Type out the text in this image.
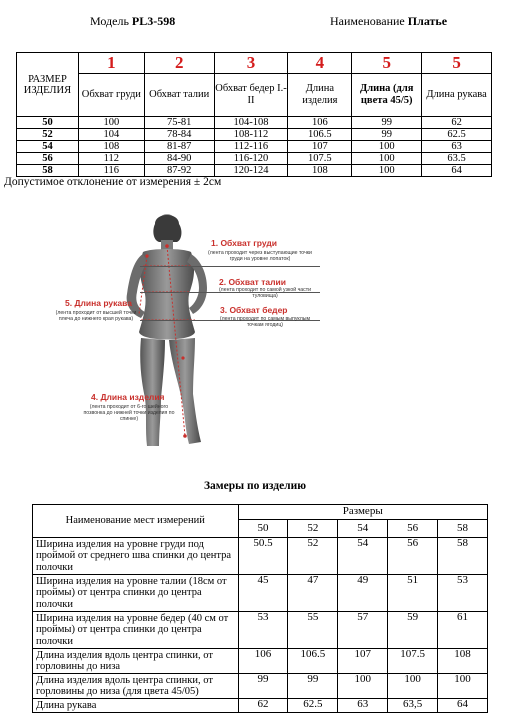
Модель PL3-598	Наименование Платье
РАЗМЕР ИЗДЕЛИЯ	1	2	3	4	5	5
	Обхват груди	Обхват талии	Обхват бедер I.-II	Длина изделия	Длина (для цвета 45/5)	Длина рукава
50	100	75-81	104-108	106	99	62
52	104	78-84	108-112	106.5	99	62.5
54	108	81-87	112-116	107	100	63
56	112	84-90	116-120	107.5	100	63.5
58	116	87-92	120-124	108	100	64
Допустимое отклонение от измерения ± 2см
1. Обхват груди
(лента проходит через выступающие точки груди на уровне лопаток)
2. Обхват талии
(лента проходит по самой узкой части туловища)
3. Обхват бедер
(лента проходит по самым выпуклым точкам ягодиц)
5. Длина рукава
(лента проходит от высшей точки плеча до нижнего края рукава)
4. Длина изделия
(лента проходит от 6-го шейного позвонка до нижней точки изделия по спинке)
Замеры по изделию
Наименование мест измерений	Размеры				
	50	52	54	56	58
Ширина изделия на уровне груди под проймой от среднего шва спинки до центра полочки	50.5	52	54	56	58
Ширина изделия на уровне талии (18см от проймы) от центра спинки до центра полочки	45	47	49	51	53
Ширина изделия на уровне бедер (40 см от проймы) от центра спинки до центра полочки	53	55	57	59	61
Длина изделия вдоль центра спинки, от горловины до низа	106	106.5	107	107.5	108
Длина изделия вдоль центра спинки, от горловины до низа (для цвета 45/05)	99	99	100	100	100
Длина рукава	62	62.5	63	63,5	64
